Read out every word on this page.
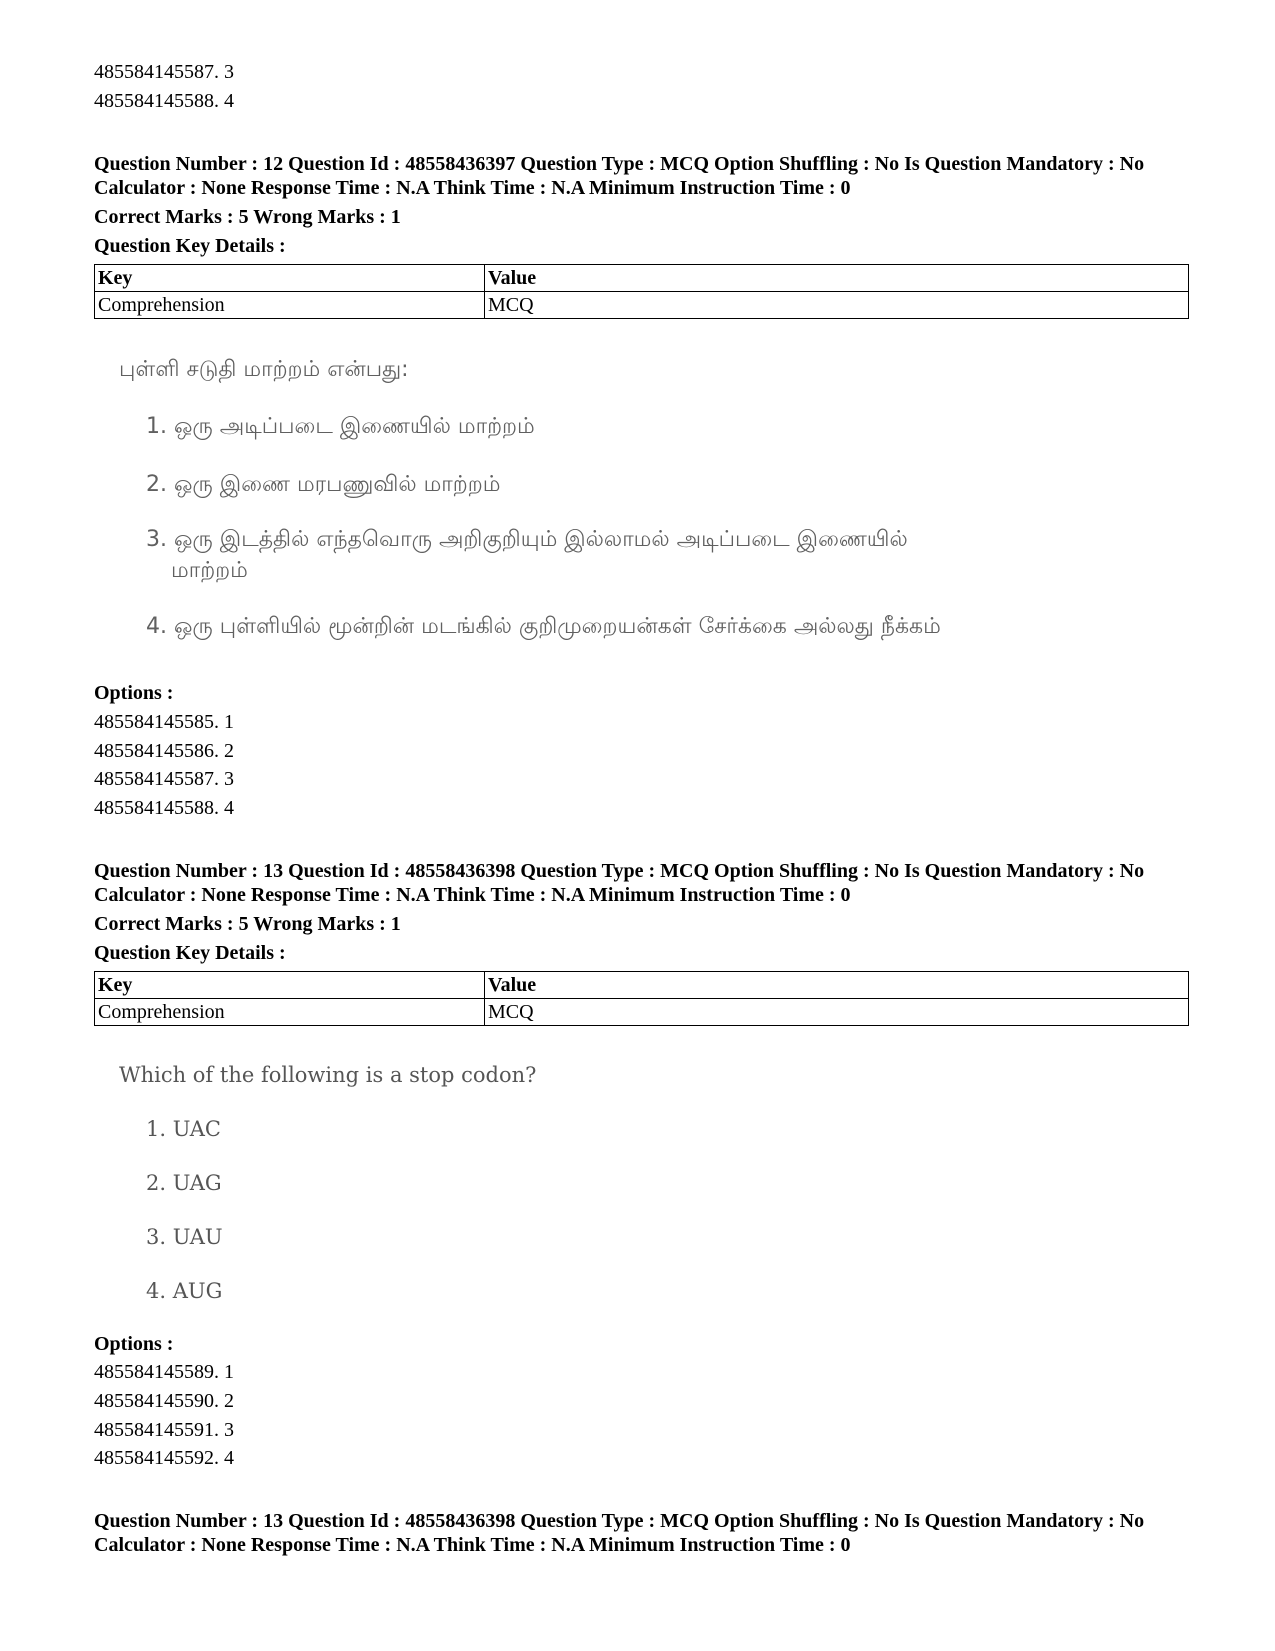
485584145587. 3
485584145588. 4
Question Number : 12 Question Id : 48558436397 Question Type : MCQ Option Shuffling : No Is Question Mandatory : No Calculator : None Response Time : N.A Think Time : N.A Minimum Instruction Time : 0
Correct Marks : 5 Wrong Marks : 1
Question Key Details :
Key	Value
Comprehension	MCQ
புள்ளி சடுதி மாற்றம் என்பது:
1. ஒரு அடிப்படை இணையில் மாற்றம்
2. ஒரு இணை மரபணுவில் மாற்றம்
3. ஒரு இடத்தில் எந்தவொரு அறிகுறியும் இல்லாமல் அடிப்படை இணையில்
மாற்றம்
4. ஒரு புள்ளியில் மூன்றின் மடங்கில் குறிமுறையன்கள் சேர்க்கை அல்லது நீக்கம்
Options :
485584145585. 1
485584145586. 2
485584145587. 3
485584145588. 4
Question Number : 13 Question Id : 48558436398 Question Type : MCQ Option Shuffling : No Is Question Mandatory : No Calculator : None Response Time : N.A Think Time : N.A Minimum Instruction Time : 0
Correct Marks : 5 Wrong Marks : 1
Question Key Details :
Key	Value
Comprehension	MCQ
Which of the following is a stop codon?
1. UAC
2. UAG
3. UAU
4. AUG
Options :
485584145589. 1
485584145590. 2
485584145591. 3
485584145592. 4
Question Number : 13 Question Id : 48558436398 Question Type : MCQ Option Shuffling : No Is Question Mandatory : No Calculator : None Response Time : N.A Think Time : N.A Minimum Instruction Time : 0
